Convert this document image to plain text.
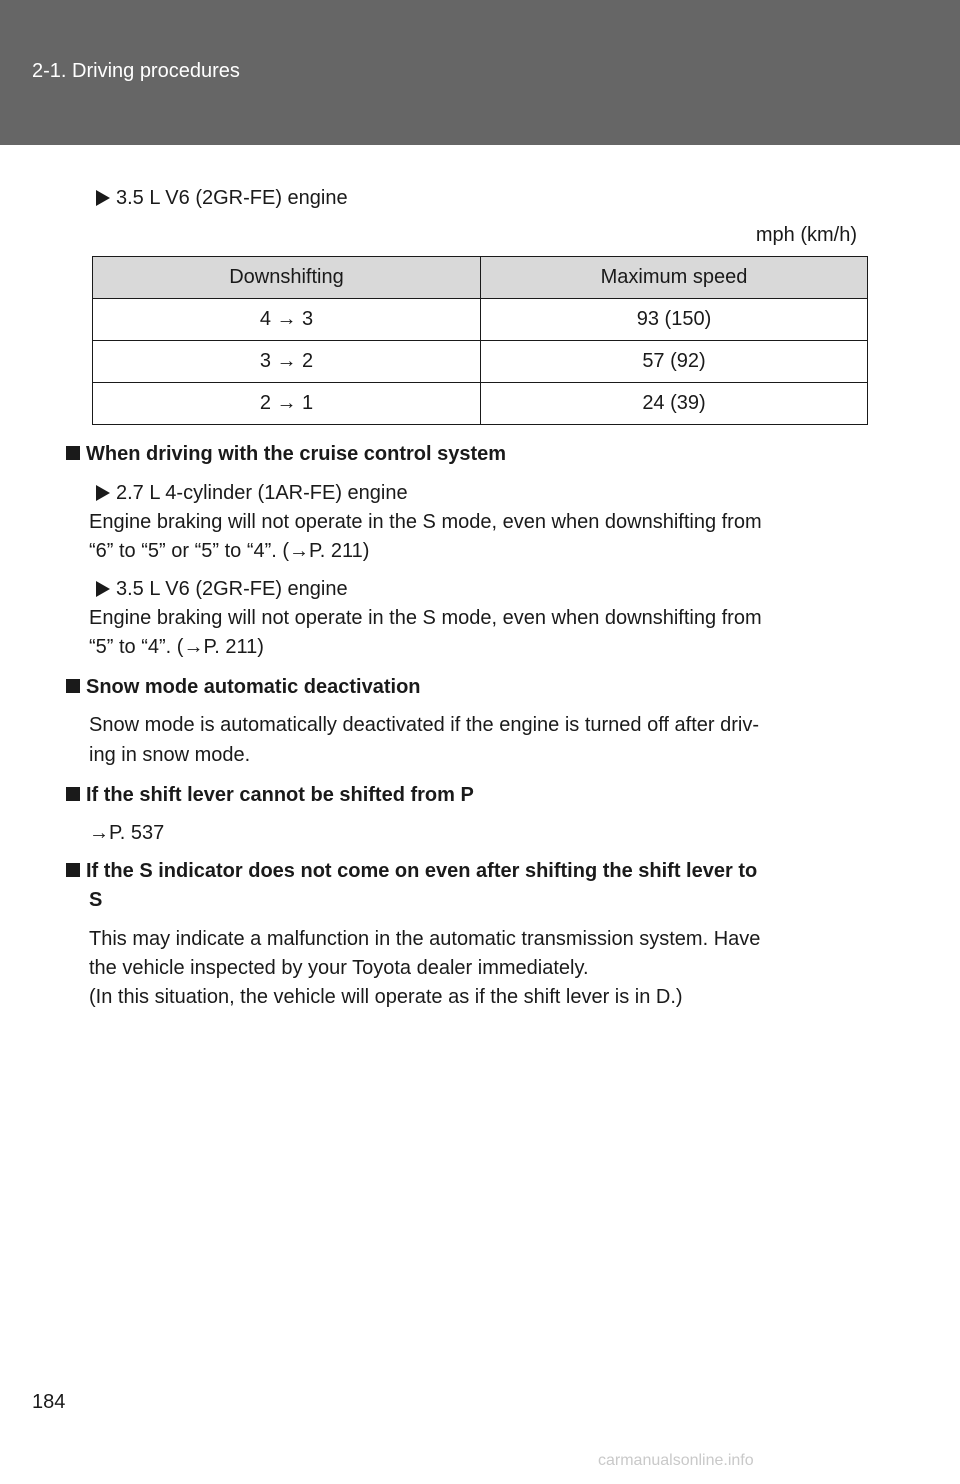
2-1. Driving procedures
3.5 L V6 (2GR-FE) engine
mph (km/h)
Downshifting	Maximum speed
4 → 3	93 (150)
3 → 2	57 (92)
2 → 1	24 (39)
When driving with the cruise control system
2.7 L 4-cylinder (1AR-FE) engine
Engine braking will not operate in the S mode, even when downshifting from
“6” to “5” or “5” to “4”. (→P. 211)
3.5 L V6 (2GR-FE) engine
Engine braking will not operate in the S mode, even when downshifting from
“5” to “4”. (→P. 211)
Snow mode automatic deactivation
Snow mode is automatically deactivated if the engine is turned off after driv-
ing in snow mode.
If the shift lever cannot be shifted from P
→P. 537
If the S indicator does not come on even after shifting the shift lever to
S
This may indicate a malfunction in the automatic transmission system. Have
the vehicle inspected by your Toyota dealer immediately.
(In this situation, the vehicle will operate as if the shift lever is in D.)
184
carmanualsonline.info
